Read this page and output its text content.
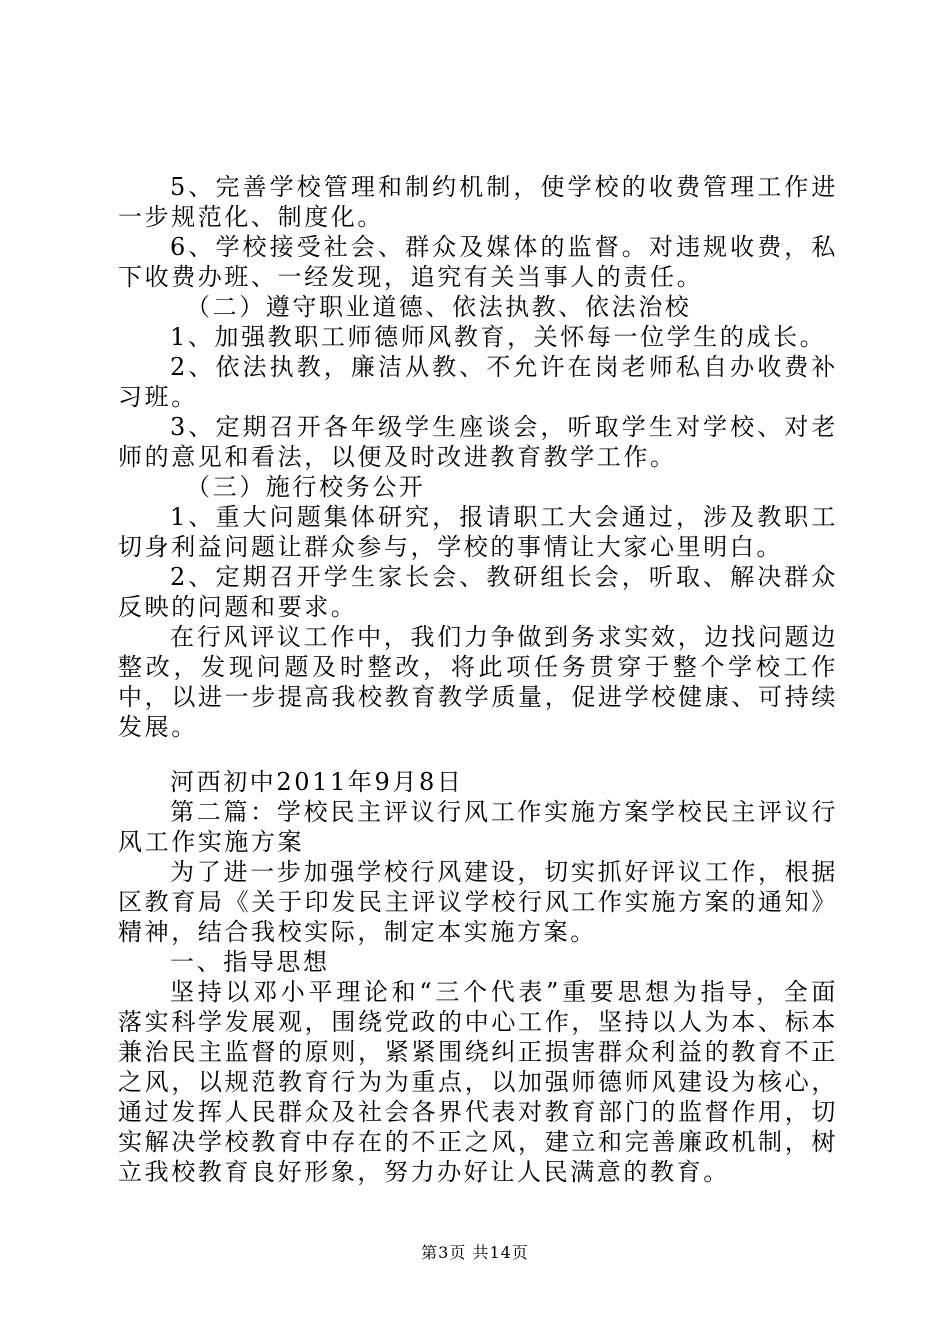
5、完善学校管理和制约机制，使学校的收费管理工作进一步规范化、制度化。

6、学校接受社会、群众及媒体的监督。对违规收费，私下收费办班、一经发现，追究有关当事人的责任。

（二）遵守职业道德、依法执教、依法治校

1、加强教职工师德师风教育，关怀每一位学生的成长。

2、依法执教，廉洁从教、不允许在岗老师私自办收费补习班。

3、定期召开各年级学生座谈会，听取学生对学校、对老师的意见和看法，以便及时改进教育教学工作。

（三）施行校务公开

1、重大问题集体研究，报请职工大会通过，涉及教职工切身利益问题让群众参与，学校的事情让大家心里明白。

2、定期召开学生家长会、教研组长会，听取、解决群众反映的问题和要求。

在行风评议工作中，我们力争做到务求实效，边找问题边整改，发现问题及时整改，将此项任务贯穿于整个学校工作中，以进一步提高我校教育教学质量，促进学校健康、可持续发展。

河西初中2011年9月8日

第二篇：学校民主评议行风工作实施方案学校民主评议行风工作实施方案

为了进一步加强学校行风建设，切实抓好评议工作，根据区教育局《关于印发民主评议学校行风工作实施方案的通知》精神，结合我校实际，制定本实施方案。

一、指导思想

坚持以邓小平理论和“三个代表”重要思想为指导，全面落实科学发展观，围绕党政的中心工作，坚持以人为本、标本兼治民主监督的原则，紧紧围绕纠正损害群众利益的教育不正之风，以规范教育行为为重点，以加强师德师风建设为核心，通过发挥人民群众及社会各界代表对教育部门的监督作用，切实解决学校教育中存在的不正之风，建立和完善廉政机制，树立我校教育良好形象，努力办好让人民满意的教育。

第3页 共14页
